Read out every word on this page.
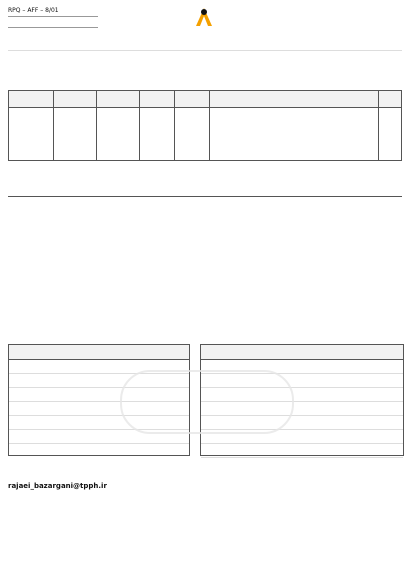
RPQ – AFF – 8/01

rajaei_bazargani@tpph.ir
